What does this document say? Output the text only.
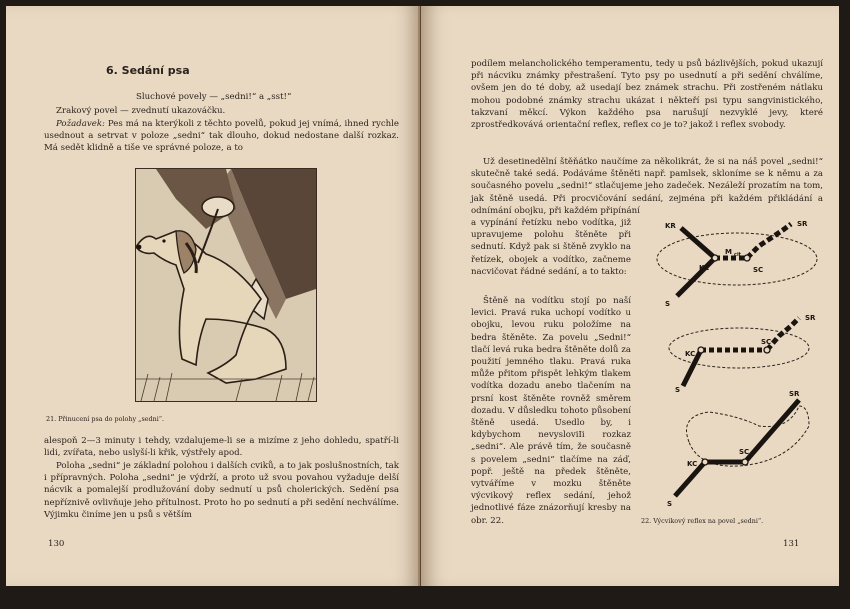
6. Sedání psa
Sluchové povely — „sedni!“ a „sst!“
Zrakový povel — zvednutí ukazováčku.
Požadavek: Pes má na kterýkoli z těchto povelů, pokud jej vnímá, ihned rychle usednout a setrvat v poloze „sedni“ tak dlouho, dokud nedostane další rozkaz. Má sedět klidně a tiše ve správné poloze, a to
21. Přinucení psa do polohy „sedni“.
alespoň 2—3 minuty i tehdy, vzdalujeme-li se a mizíme z jeho dohledu, spatří-li lidi, zvířata, nebo uslyší-li křik, výstřely apod.
Poloha „sedni“ je základní polohou i dalších cviků, a to jak poslušnostních, tak i přípravných. Poloha „sedni“ je výdrží, a proto už svou povahou vyžaduje delší nácvik a pomalejší prodlužování doby sednutí u psů cholerických. Sedění psa nepříznivě ovlivňuje jeho přítulnost. Proto ho po sednutí a při sedění nechválíme. Výjimku činíme jen u psů s větším
130
podílem melancholického temperamentu, tedy u psů bázlivějších, pokud ukazují při nácviku známky přestrašení. Tyto psy po usednutí a při sedění chválíme, ovšem jen do té doby, až usedají bez známek strachu. Při zostřeném nátlaku mohou podobné známky strachu ukázat i někteří psi typu sangvinistického, takzvaní měkcí. Výkon každého psa narušují nezvyklé jevy, které zprostředkovává orientační reflex, reflex co je to? jakož i reflex svobody.
Už desetinedělní štěňátko naučíme za několikrát, že si na náš povel „sedni!“ skutečně také sedá. Podáváme štěněti např. pamlsek, skloníme se k němu a za současného povelu „sedni!“ stlačujeme jeho zadeček. Nezáleží prozatím na tom, jak štěně usedá. Při procvičování sedání, zejména při každém přikládání a odnímání obojku, při každém připínání
a vypínání řetízku nebo vodítka, již upravujeme polohu štěněte při sednutí. Když pak si štěně zvyklo na řetízek, obojek a vodítko, začneme nacvičovat řádné sedání, a to takto:
Štěně na vodítku stojí po naší levici. Pravá ruka uchopí vodítko u obojku, levou ruku položíme na bedra štěněte. Za povelu „Sedni!“ tlačí levá ruka bedra štěněte dolů za použití jemného tlaku. Pravá ruka může přitom přispět lehkým tlakem vodítka dozadu anebo tlačením na prsní kost štěněte rovněž směrem dozadu. V důsledku tohoto působení štěně usedá. Usedlo by, i kdybychom nevysloviIi rozkaz „sedni“. Ale právě tím, že současně s povelem „sedni“ tlačíme na záď, popř. ještě na předek štěněte, vytváříme v mozku štěněte výcvikový reflex sedání, jehož jednotlivé fáze znázorňují kresby na obr. 22.
KR	SR
KC	SC
M cit
S
KC
SC
SR
S
KC
SC
SR
S
22. Výcvikový reflex na povel „sedni“.
131
